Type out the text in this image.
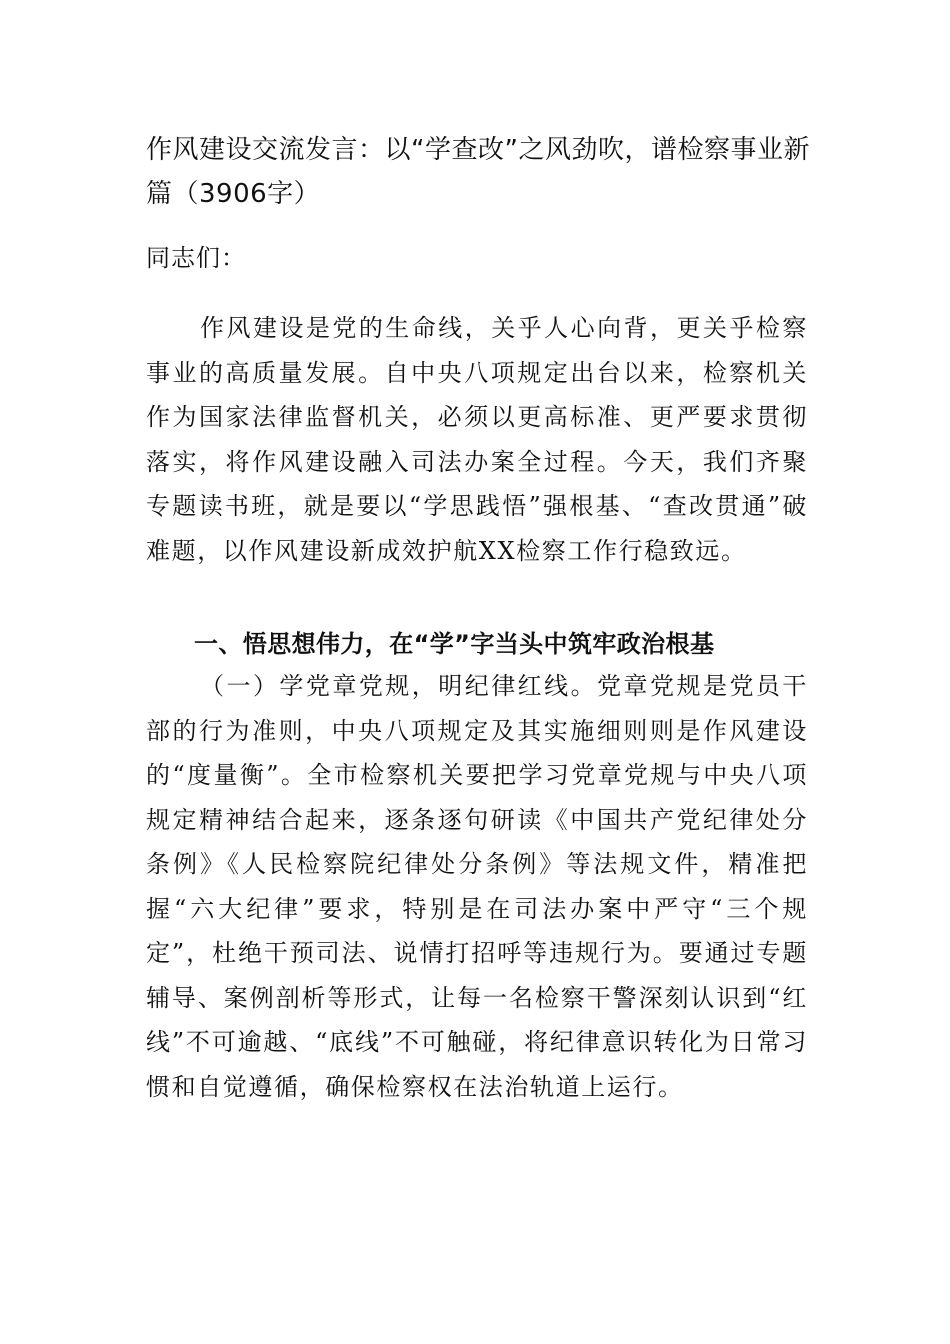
作风建设交流发言：以“学查改”之风劲吹，谱检察事业新篇（3906字）

同志们：

作风建设是党的生命线，关乎人心向背，更关乎检察事业的高质量发展。自中央八项规定出台以来，检察机关作为国家法律监督机关，必须以更高标准、更严要求贯彻落实，将作风建设融入司法办案全过程。今天，我们齐聚专题读书班，就是要以“学思践悟”强根基、“查改贯通”破难题，以作风建设新成效护航XX检察工作行稳致远。

一、悟思想伟力，在“学”字当头中筑牢政治根基

（一）学党章党规，明纪律红线。党章党规是党员干部的行为准则，中央八项规定及其实施细则则是作风建设的“度量衡”。全市检察机关要把学习党章党规与中央八项规定精神结合起来，逐条逐句研读《中国共产党纪律处分条例》《人民检察院纪律处分条例》等法规文件，精准把握“六大纪律”要求，特别是在司法办案中严守“三个规定”，杜绝干预司法、说情打招呼等违规行为。要通过专题辅导、案例剖析等形式，让每一名检察干警深刻认识到“红线”不可逾越、“底线”不可触碰，将纪律意识转化为日常习惯和自觉遵循，确保检察权在法治轨道上运行。
